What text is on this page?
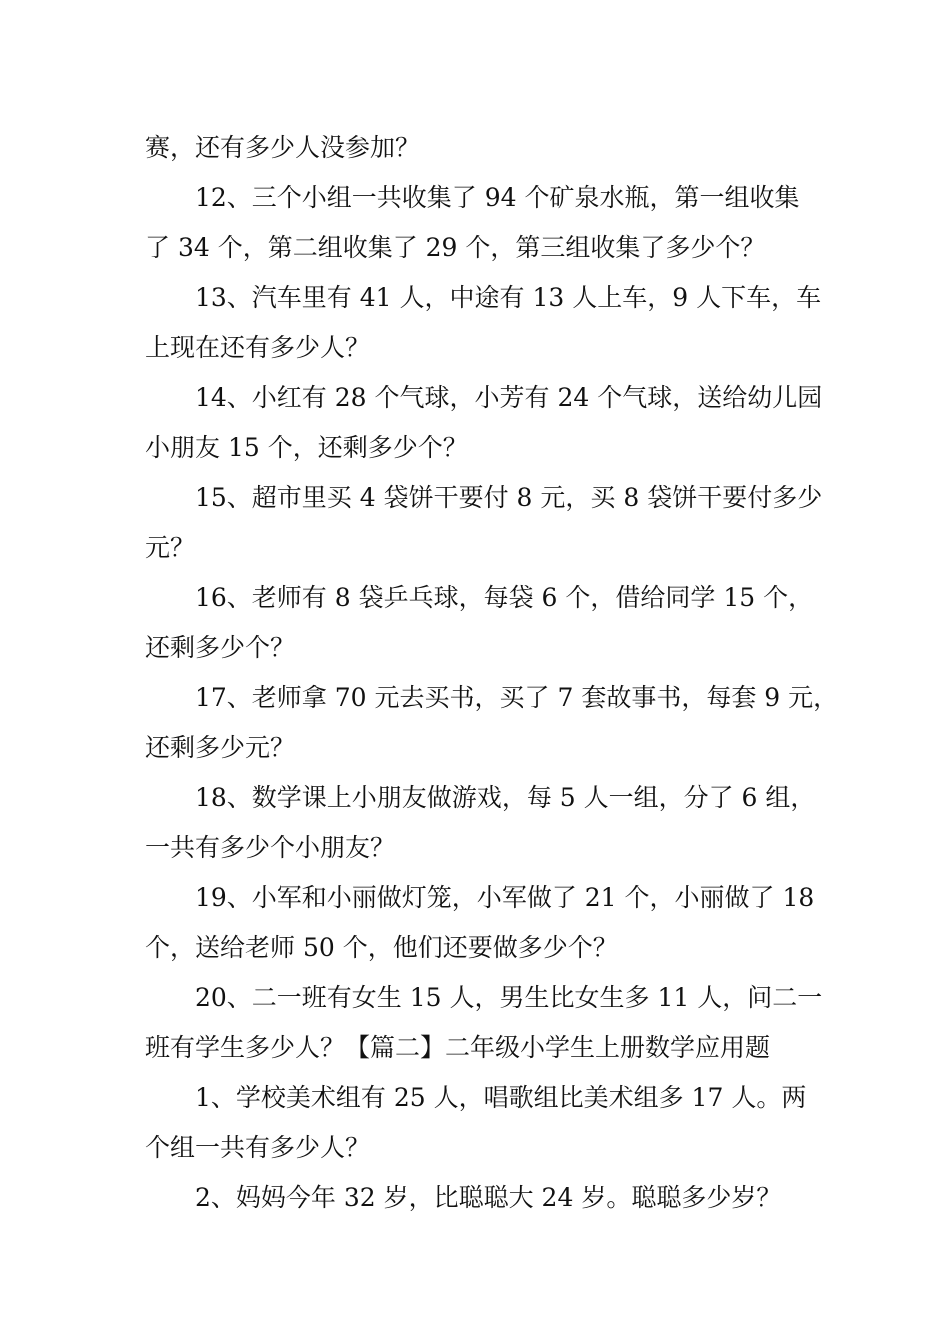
赛，还有多少人没参加？
12、三个小组一共收集了 94 个矿泉水瓶，第一组收集
了 34 个，第二组收集了 29 个，第三组收集了多少个？
13、汽车里有 41 人，中途有 13 人上车，9 人下车，车
上现在还有多少人？
14、小红有 28 个气球，小芳有 24 个气球，送给幼儿园
小朋友 15 个，还剩多少个？
15、超市里买 4 袋饼干要付 8 元，买 8 袋饼干要付多少
元？
16、老师有 8 袋乒乓球，每袋 6 个，借给同学 15 个，
还剩多少个？
17、老师拿 70 元去买书，买了 7 套故事书，每套 9 元，
还剩多少元？
18、数学课上小朋友做游戏，每 5 人一组，分了 6 组，
一共有多少个小朋友？
19、小军和小丽做灯笼，小军做了 21 个，小丽做了 18
个，送给老师 50 个，他们还要做多少个？
20、二一班有女生 15 人，男生比女生多 11 人，问二一
班有学生多少人？【篇二】二年级小学生上册数学应用题
1、学校美术组有 25 人，唱歌组比美术组多 17 人。两
个组一共有多少人？
2、妈妈今年 32 岁，比聪聪大 24 岁。聪聪多少岁？
